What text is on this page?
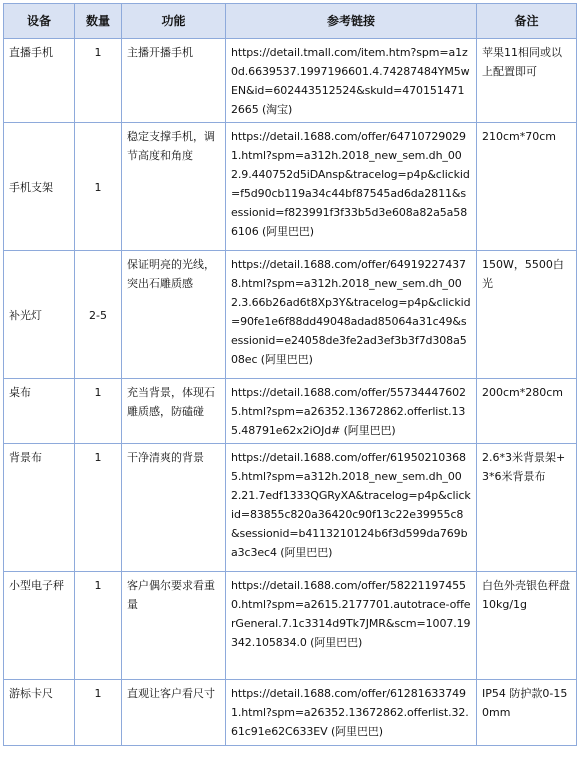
设备	数量	功能	参考链接	备注
直播手机	1	主播开播手机	https://detail.tmall.com/item.htm?spm=a1z0d.6639537.1997196601.4.74287484YM5wEN&id=602443512524&skuId=4701514712665 (淘宝)	苹果11相同或以上配置即可
手机支架	1	稳定支撑手机，调节高度和角度	https://detail.1688.com/offer/647107290291.html?spm=a312h.2018_new_sem.dh_002.9.440752d5iDAnsp&tracelog=p4p&clickid=f5d90cb119a34c44bf87545ad6da2811&sessionid=f823991f3f33b5d3e608a82a5a586106 (阿里巴巴)	210cm*70cm
补光灯	2-5	保证明亮的光线，突出石雕质感	https://detail.1688.com/offer/649192274378.html?spm=a312h.2018_new_sem.dh_002.3.66b26ad6t8Xp3Y&tracelog=p4p&clickid=90fe1e6f88dd49048adad85064a31c49&sessionid=e24058de3fe2ad3ef3b3f7d308a508ec (阿里巴巴)	150W，5500白光
桌布	1	充当背景，体现石雕质感，防磕碰	https://detail.1688.com/offer/557344476025.html?spm=a26352.13672862.offerlist.135.48791e62x2iOJd# (阿里巴巴)	200cm*280cm
背景布	1	干净清爽的背景	https://detail.1688.com/offer/619502103685.html?spm=a312h.2018_new_sem.dh_002.21.7edf1333QGRyXA&tracelog=p4p&clickid=83855c820a36420c90f13c22e39955c8&sessionid=b4113210124b6f3d599da769ba3c3ec4 (阿里巴巴)	2.6*3米背景架+3*6米背景布
小型电子秤	1	客户偶尔要求看重量	https://detail.1688.com/offer/582211974550.html?spm=a2615.2177701.autotrace-offerGeneral.7.1c3314d9Tk7JMR&scm=1007.19342.105834.0 (阿里巴巴)	白色外壳银色秤盘10kg/1g
游标卡尺	1	直观让客户看尺寸	https://detail.1688.com/offer/612816337491.html?spm=a26352.13672862.offerlist.32.61c91e62C633EV (阿里巴巴)	IP54 防护款0-150mm
